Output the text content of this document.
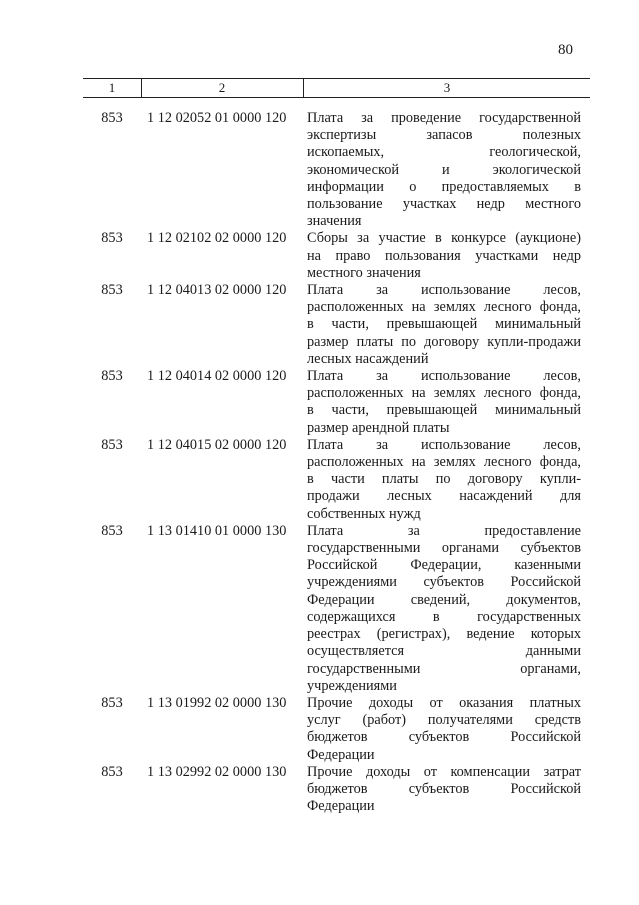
80
1	2	3
853	1 12 02052 01 0000 120	Плата за проведение государственной
экспертизы запасов полезных
ископаемых, геологической,
экономической и экологической
информации о предоставляемых в
пользование участках недр местного
значения
853	1 12 02102 02 0000 120	Сборы за участие в конкурсе (аукционе)
на право пользования участками недр
местного значения
853	1 12 04013 02 0000 120	Плата за использование лесов,
расположенных на землях лесного фонда,
в части, превышающей минимальный
размер платы по договору купли-продажи
лесных насаждений
853	1 12 04014 02 0000 120	Плата за использование лесов,
расположенных на землях лесного фонда,
в части, превышающей минимальный
размер арендной платы
853	1 12 04015 02 0000 120	Плата за использование лесов,
расположенных на землях лесного фонда,
в части платы по договору купли-
продажи лесных насаждений для
собственных нужд
853	1 13 01410 01 0000 130	Плата за предоставление
государственными органами субъектов
Российской Федерации, казенными
учреждениями субъектов Российской
Федерации сведений, документов,
содержащихся в государственных
реестрах (регистрах), ведение которых
осуществляется данными
государственными органами,
учреждениями
853	1 13 01992 02 0000 130	Прочие доходы от оказания платных
услуг (работ) получателями средств
бюджетов субъектов Российской
Федерации
853	1 13 02992 02 0000 130	Прочие доходы от компенсации затрат
бюджетов субъектов Российской
Федерации
